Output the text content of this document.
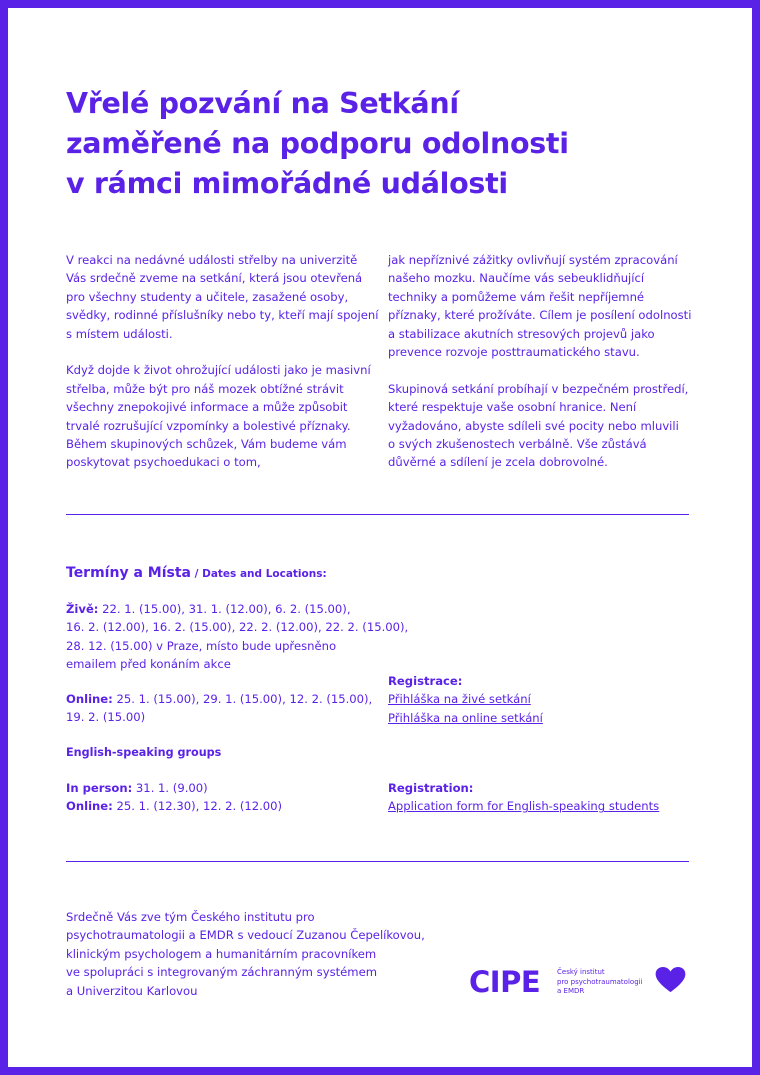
Vřelé pozvání na Setkání
zaměřené na podporu odolnosti
v rámci mimořádné události

V reakci na nedávné události střelby na univerzitě
Vás srdečně zveme na setkání, která jsou otevřená
pro všechny studenty a učitele, zasažené osoby,
svědky, rodinné příslušníky nebo ty, kteří mají spojení
s místem události.

Když dojde k život ohrožující události jako je masivní
střelba, může být pro náš mozek obtížné strávit
všechny znepokojivé informace a může způsobit
trvalé rozrušující vzpomínky a bolestivé příznaky.
Během skupinových schůzek, Vám budeme vám
poskytovat psychoedukaci o tom,

jak nepříznivé zážitky ovlivňují systém zpracování
našeho mozku. Naučíme vás sebeuklidňující
techniky a pomůžeme vám řešit nepříjemné
příznaky, které prožíváte. Cílem je posílení odolnosti
a stabilizace akutních stresových projevů jako
prevence rozvoje posttraumatického stavu.

Skupinová setkání probíhají v bezpečném prostředí,
které respektuje vaše osobní hranice. Není
vyžadováno, abyste sdíleli své pocity nebo mluvili
o svých zkušenostech verbálně. Vše zůstává
důvěrné a sdílení je zcela dobrovolné.

Termíny a Místa / Dates and Locations:
Živě: 22. 1. (15.00), 31. 1. (12.00), 6. 2. (15.00),
16. 2. (12.00), 16. 2. (15.00), 22. 2. (12.00), 22. 2. (15.00),
28. 12. (15.00) v Praze, místo bude upřesněno
emailem před konáním akce
Online: 25. 1. (15.00), 29. 1. (15.00), 12. 2. (15.00),
19. 2. (15.00)
English-speaking groups
In person: 31. 1. (9.00)
Online: 25. 1. (12.30), 12. 2. (12.00)
Registrace:
Přihláška na živé setkání
Přihláška na online setkání
Registration:
Application form for English-speaking students
Srdečně Vás zve tým Českého institutu pro
psychotraumatologii a EMDR s vedoucí Zuzanou Čepelíkovou,
klinickým psychologem a humanitárním pracovníkem
ve spolupráci s integrovaným záchranným systémem
a Univerzitou Karlovou	CIPE Český institut
pro psychotraumatologii
a EMDR
